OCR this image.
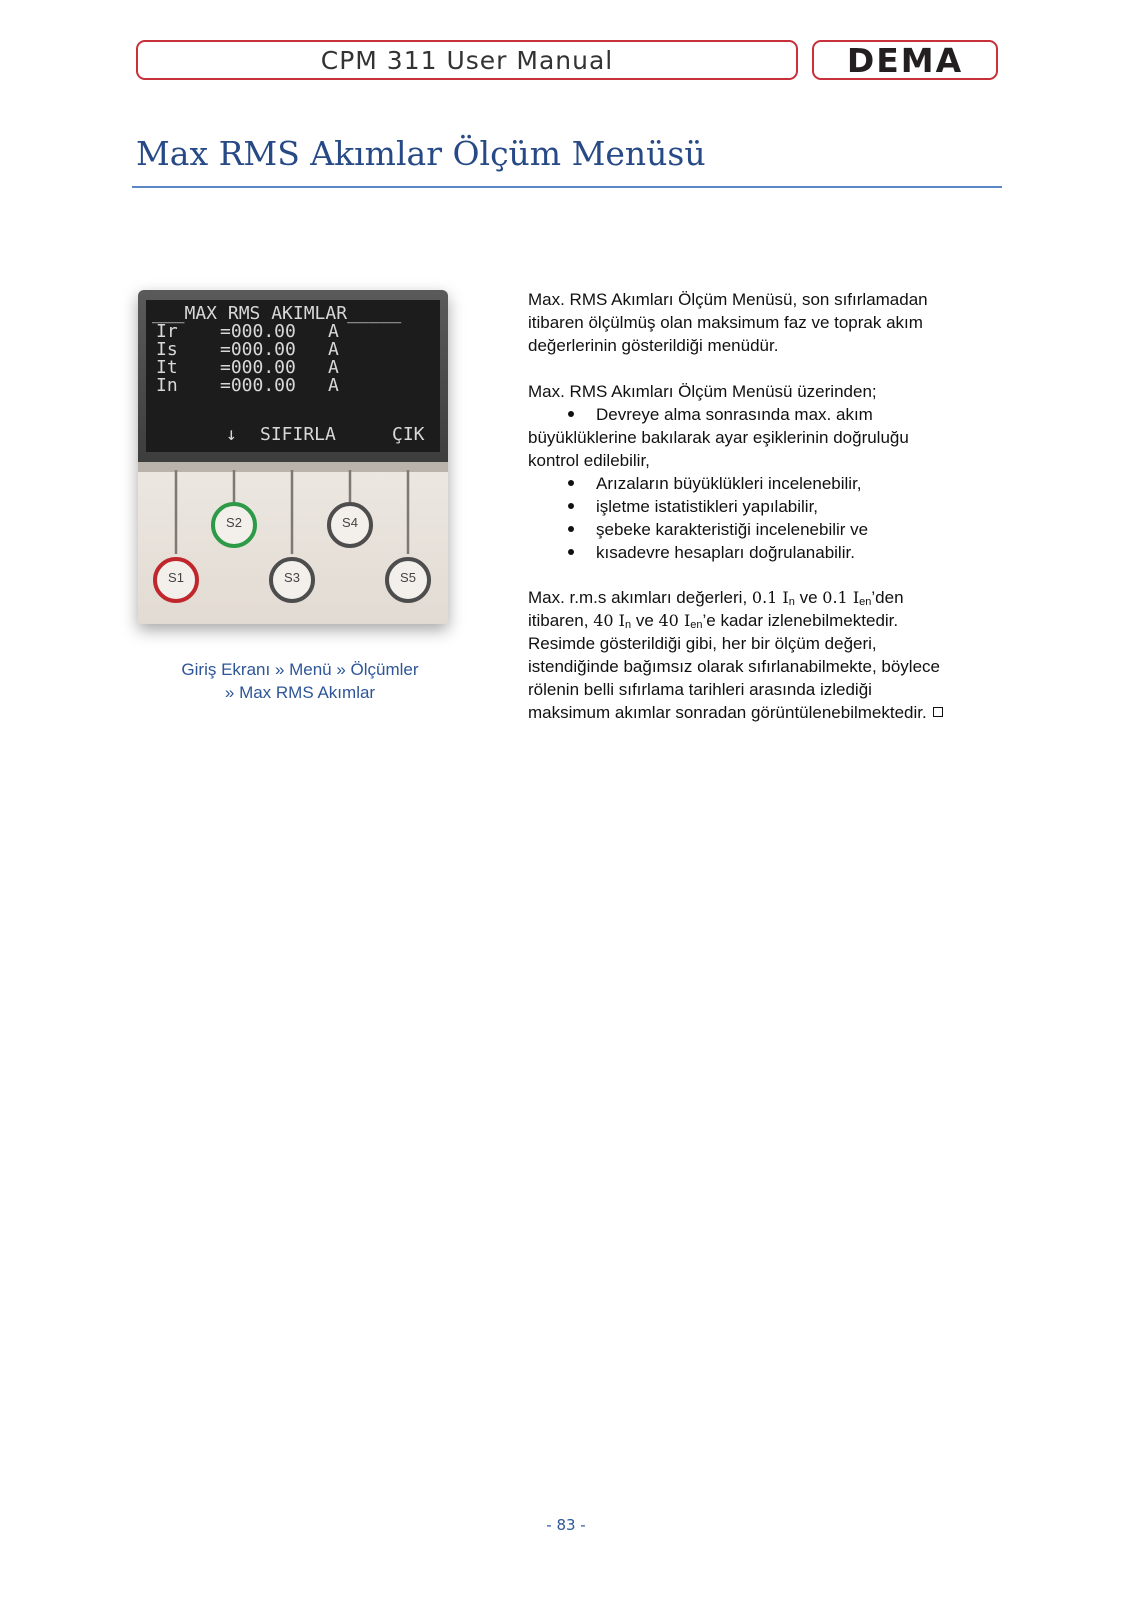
CPM 311 User Manual	DEMA
Max RMS Akımlar Ölçüm Menüsü
___MAX RMS AKIMLAR_____
Ir =000.00 A
Is =000.00 A
It =000.00 A
In =000.00 A
↓ SIFIRLA	ÇIK
S1
S2
S3
S4
S5
Giriş Ekranı » Menü » Ölçümler
» Max RMS Akımlar
Max. RMS Akımları Ölçüm Menüsü, son sıfırlamadan
itibaren ölçülmüş olan maksimum faz ve toprak akım
değerlerinin gösterildiği menüdür.
Max. RMS Akımları Ölçüm Menüsü üzerinden;
Devreye alma sonrasında max. akım
büyüklüklerine bakılarak ayar eşiklerinin doğruluğu
kontrol edilebilir,
Arızaların büyüklükleri incelenebilir,
işletme istatistikleri yapılabilir,
şebeke karakteristiği incelenebilir ve
kısadevre hesapları doğrulanabilir.
Max. r.m.s akımları değerleri, 0.1 $I_n$ ve 0.1 $I_{en}’den$
itibaren, 40 $I_n$ ve 40 $I_{en}’e$ kadar izlenebilmektedir.
Resimde gösterildiği gibi, her bir ölçüm değeri,
istendiğinde bağımsız olarak sıfırlanabilmekte, böylece
rölenin belli sıfırlama tarihleri arasında izlediği
maksimum akımlar sonradan görüntülenebilmektedir.
- 83 -
